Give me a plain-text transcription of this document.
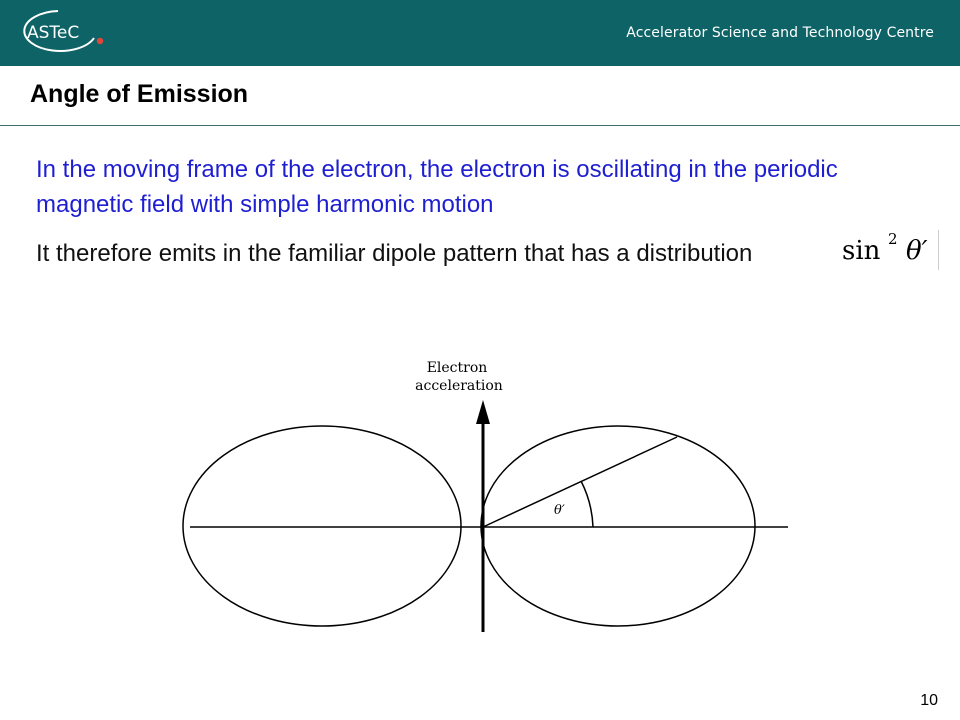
ASTeC	Accelerator Science and Technology Centre
Angle of Emission
In the moving frame of the electron, the electron is oscillating in the periodic magnetic field with simple harmonic motion
It therefore emits in the familiar dipole pattern that has a distribution	sin 2 θ′
Electron
acceleration
θ′
10
